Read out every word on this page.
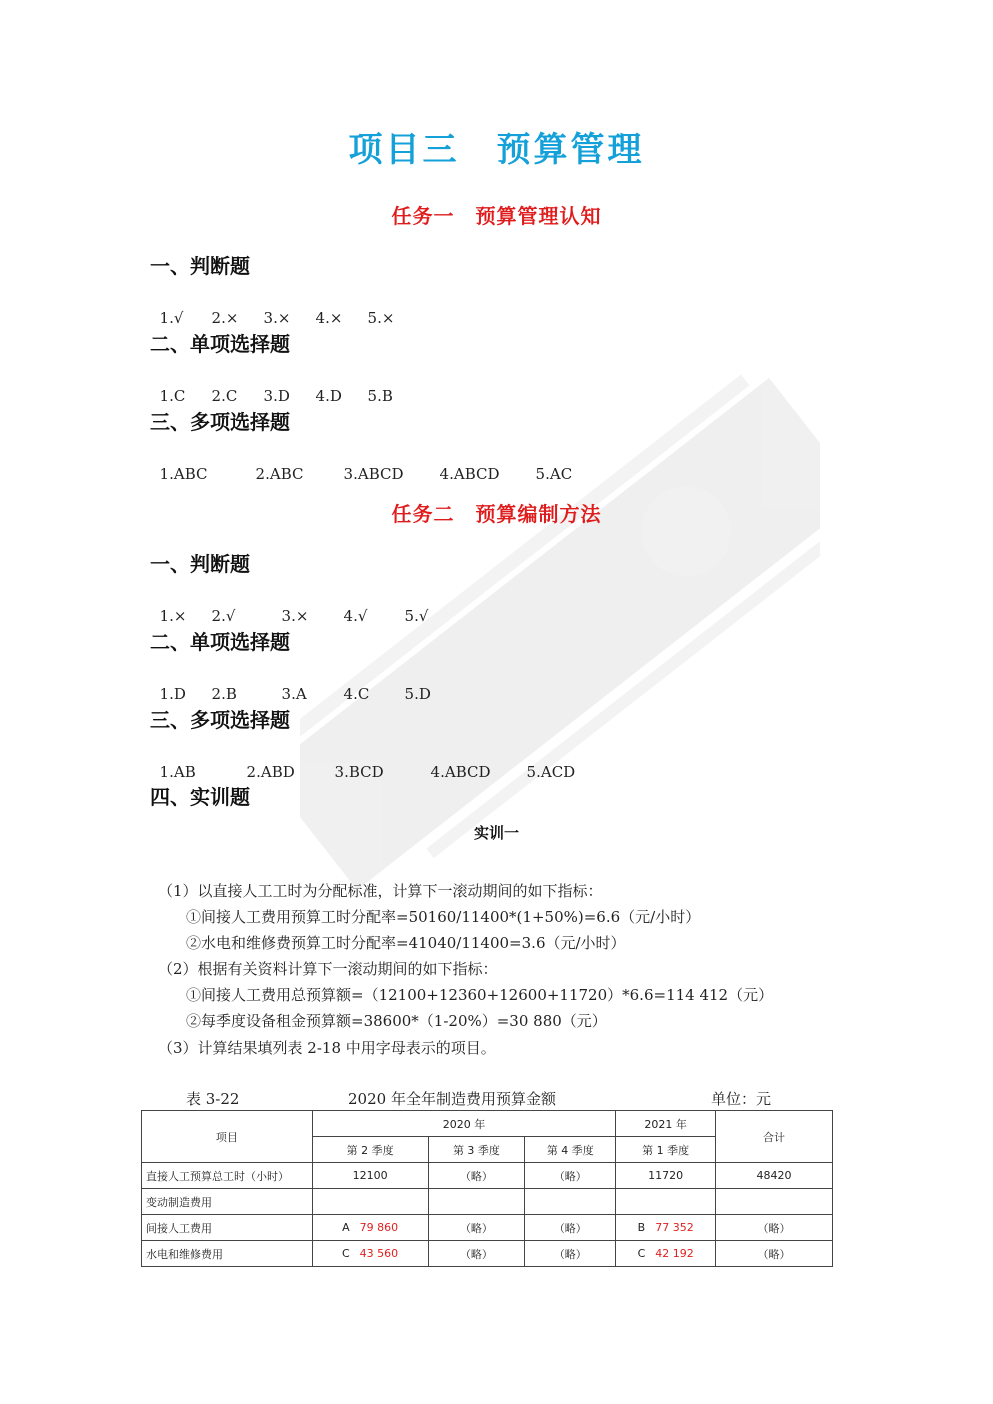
项目三　预算管理
任务一　预算管理认知
一、判断题

1.√ 2.× 3.× 4.× 5.×

二、单项选择题

1.C 2.C 3.D 4.D 5.B

三、多项选择题

1.ABC	2.ABC	3.ABCD 4.ABCD 5.AC

任务二　预算编制方法
一、判断题

1.× 2.√	3.× 4.√ 5.√

二、单项选择题

1.D 2.B	3.A 4.C 5.D

三、多项选择题

1.AB	2.ABD	3.BCD	4.ABCD 5.ACD

四、实训题
实训一
（1）以直接人工工时为分配标准，计算下一滚动期间的如下指标：
①间接人工费用预算工时分配率=50160/11400*(1+50%)=6.6（元/小时）
②水电和维修费预算工时分配率=41040/11400=3.6（元/小时）
（2）根据有关资料计算下一滚动期间的如下指标：
①间接人工费用总预算额=（12100+12360+12600+11720）*6.6=114 412（元）
②每季度设备租金预算额=38600*（1-20%）=30 880（元）
（3）计算结果填列表 2-18 中用字母表示的项目。
表 3-22	2020 年全年制造费用预算金额	单位：元
项目	2020 年			2021 年	合计
	第 2 季度	第 3 季度	第 4 季度	第 1 季度	
直接人工预算总工时（小时）	12100	（略）	（略）	11720	48420
变动制造费用					
间接人工费用	A 79 860	（略）	（略）	B 77 352	（略）
水电和维修费用	C 43 560	（略）	（略）	C 42 192	（略）
